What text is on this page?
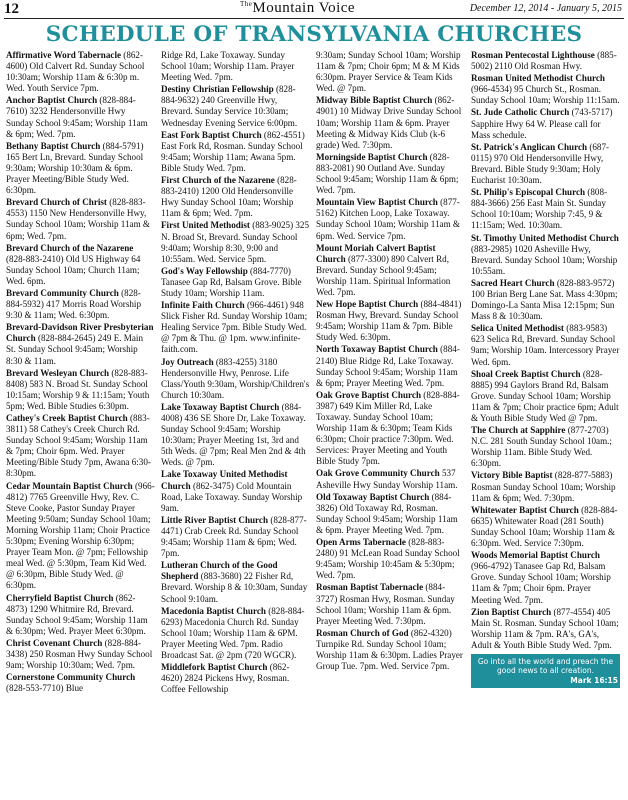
12	$^{The}$Mountain Voice	December 12, 2014 - January 5, 2015
SCHEDULE OF TRANSYLVANIA CHURCHES
Affirmative Word Tabernacle (862-4600) Old Calvert Rd. Sunday School 10:30am; Worship 11am & 6:30p m. Wed. Youth Service 7pm.
Anchor Baptist Church (828-884-7610) 3232 Hendersonville Hwy Sunday School 9:45am; Worship 11am & 6pm; Wed. 7pm.
Bethany Baptist Church (884-5791) 165 Bert Ln, Brevard. Sunday School 9:30am; Worship 10:30am & 6pm. Prayer Meeting/Bible Study Wed. 6:30pm.
Brevard Church of Christ (828-883-4553) 1150 New Hendersonville Hwy, Sunday School 10am; Worship 11am & 6pm; Wed. 7pm.
Brevard Church of the Nazarene (828-883-2410) Old US Highway 64 Sunday School 10am; Church 11am; Wed. 6pm.
Brevard Community Church (828-884-5932) 417 Morris Road Worship 9:30 & 11am; Wed. 6:30pm.
Brevard-Davidson River Presbyterian Church (828-884-2645) 249 E. Main St. Sunday School 9:45am; Worship 8:30 & 11am.
Brevard Wesleyan Church (828-883-8408) 583 N. Broad St. Sunday School 10:15am; Worship 9 & 11:15am; Youth 5pm; Wed. Bible Studies 6:30pm.
Cathey's Creek Baptist Church (883-3811) 58 Cathey's Creek Church Rd. Sunday School 9:45am; Worship 11am & 7pm; Choir 6pm. Wed. Prayer Meeting/Bible Study 7pm, Awana 6:30-8:30pm.
Cedar Mountain Baptist Church (966-4812) 7765 Greenville Hwy, Rev. C. Steve Cooke, Pastor Sunday Prayer Meeting 9:50am; Sunday School 10am; Morning Worship 11am; Choir Practice 5:30pm; Evening Worship 6:30pm; Prayer Team Mon. @ 7pm; Fellowship meal Wed. @ 5:30pm, Team Kid Wed. @ 6:30pm, Bible Study Wed. @ 6:30pm.
Cherryfield Baptist Church (862-4873) 1290 Whitmire Rd, Brevard. Sunday School 9:45am; Worship 11am & 6:30pm; Wed. Prayer Meet 6:30pm.
Christ Covenant Church (828-884-3438) 250 Rosman Hwy Sunday School 9am; Worship 10:30am; Wed. 7pm.
Cornerstone Community Church (828-553-7710) Blue
Ridge Rd, Lake Toxaway. Sunday School 10am; Worship 11am. Prayer Meeting Wed. 7pm.
Destiny Christian Fellowship (828-884-9632) 240 Greenville Hwy, Brevard. Sunday Service 10:30am; Wednesday Evening Service 6:00pm.
East Fork Baptist Church (862-4551) East Fork Rd, Rosman. Sunday School 9:45am; Worship 11am; Awana 5pm. Bible Study Wed. 7pm.
First Church of the Nazarene (828-883-2410) 1200 Old Hendersonville Hwy Sunday School 10am; Worship 11am & 6pm; Wed. 7pm.
First United Methodist (883-9025) 325 N. Broad St, Brevard. Sunday School 9:40am; Worship 8:30, 9:00 and 10:55am. Wed. Service 5pm.
God's Way Fellowship (884-7770) Tanasee Gap Rd, Balsam Grove. Bible Study 10am; Worship 11am.
Infinite Faith Church (966-4461) 948 Slick Fisher Rd. Sunday Worship 10am; Healing Service 7pm. Bible Study Wed. @ 7pm & Thu. @ 1pm. www.infinite-faith.com.
Joy Outreach (883-4255) 3180 Hendersonville Hwy, Penrose. Life Class/Youth 9:30am, Worship/Children's Church 10:30am.
Lake Toxaway Baptist Church (884-4008) 436 SE Shore Dr, Lake Toxaway. Sunday School 9:45am; Worship 10:30am; Prayer Meeting 1st, 3rd and 5th Weds. @ 7pm; Real Men 2nd & 4th Weds. @ 7pm.
Lake Toxaway United Methodist Church (862-3475) Cold Mountain Road, Lake Toxaway. Sunday Worship 9am.
Little River Baptist Church (828-877-4471) Crab Creek Rd. Sunday School 9:45am; Worship 11am & 6pm; Wed. 7pm.
Lutheran Church of the Good Shepherd (883-3680) 22 Fisher Rd, Brevard. Worship 8 & 10:30am, Sunday School 9:10am.
Macedonia Baptist Church (828-884-6293) Macedonia Church Rd. Sunday School 10am; Worship 11am & 6PM. Prayer Meeting Wed. 7pm. Radio Broadcast Sat. @ 2pm (720 WGCR).
Middlefork Baptist Church (862-4620) 2824 Pickens Hwy, Rosman. Coffee Fellowship
9:30am; Sunday School 10am; Worship 11am & 7pm; Choir 6pm; M & M Kids 6:30pm. Prayer Service & Team Kids Wed. @ 7pm.
Midway Bible Baptist Church (862-4901) 10 Midway Drive Sunday School 10am; Worship 11am & 6pm. Prayer Meeting & Midway Kids Club (k-6 grade) Wed. 7:30pm.
Morningside Baptist Church (828-883-2081) 90 Outland Ave. Sunday School 9:45am; Worship 11am & 6pm; Wed. 7pm.
Mountain View Baptist Church (877-5162) Kitchen Loop, Lake Toxaway. Sunday School 10am; Worship 11am & 6pm. Wed. Service 7pm.
Mount Moriah Calvert Baptist Church (877-3300) 890 Calvert Rd, Brevard. Sunday School 9:45am; Worship 11am. Spiritual Information Wed. 7pm.
New Hope Baptist Church (884-4841) Rosman Hwy, Brevard. Sunday School 9:45am; Worship 11am & 7pm. Bible Study Wed. 6:30pm.
North Toxaway Baptist Church (884-2140) Blue Ridge Rd, Lake Toxaway. Sunday School 9:45am; Worship 11am & 6pm; Prayer Meeting Wed. 7pm.
Oak Grove Baptist Church (828-884-3987) 649 Kim Miller Rd, Lake Toxaway. Sunday School 10am; Worship 11am & 6:30pm; Team Kids 6:30pm; Choir practice 7:30pm. Wed. Services: Prayer Meeting and Youth Bible Study 7pm.
Oak Grove Community Church 537 Asheville Hwy Sunday Worship 11am.
Old Toxaway Baptist Church (884-3826) Old Toxaway Rd, Rosman. Sunday School 9:45am; Worship 11am & 6pm. Prayer Meeting Wed. 7pm.
Open Arms Tabernacle (828-883-2480) 91 McLean Road Sunday School 9:45am; Worship 10:45am & 5:30pm; Wed. 7pm.
Rosman Baptist Tabernacle (884-3727) Rosman Hwy, Rosman. Sunday School 10am; Worship 11am & 6pm. Prayer Meeting Wed. 7:30pm.
Rosman Church of God (862-4320) Turnpike Rd. Sunday School 10am; Worship 11am & 6:30pm. Ladies Prayer Group Tue. 7pm. Wed. Service 7pm.
Rosman Pentecostal Lighthouse (885-5002) 2110 Old Rosman Hwy.
Rosman United Methodist Church (966-4534) 95 Church St., Rosman. Sunday School 10am; Worship 11:15am.
St. Jude Catholic Church (743-5717) Sapphire Hwy 64 W. Please call for Mass schedule.
St. Patrick's Anglican Church (687-0115) 970 Old Hendersonville Hwy, Brevard. Bible Study 9:30am; Holy Eucharist 10:30am.
St. Philip's Episcopal Church (808-884-3666) 256 East Main St. Sunday School 10:10am; Worship 7:45, 9 & 11:15am; Wed. 10:30am.
St. Timothy United Methodist Church (883-2985) 1020 Asheville Hwy, Brevard. Sunday School 10am; Worship 10:55am.
Sacred Heart Church (828-883-9572) 100 Brian Berg Lane Sat. Mass 4:30pm; Domingo-La Santa Misa 12:15pm; Sun Mass 8 & 10:30am.
Selica United Methodist (883-9583) 623 Selica Rd, Brevard. Sunday School 9am; Worship 10am. Intercessory Prayer Wed. 6pm.
Shoal Creek Baptist Church (828-8885) 994 Gaylors Brand Rd, Balsam Grove. Sunday School 10am; Worship 11am & 7pm; Choir practice 6pm; Adult & Youth Bible Study Wed @ 7pm.
The Church at Sapphire (877-2703) N.C. 281 South Sunday School 10am.; Worship 11am. Bible Study Wed. 6:30pm.
Victory Bible Baptist (828-877-5883) Rosman Sunday School 10am; Worship 11am & 6pm; Wed. 7:30pm.
Whitewater Baptist Church (828-884-6635) Whitewater Road (281 South) Sunday School 10am; Worship 11am & 6:30pm. Wed. Service 7:30pm.
Woods Memorial Baptist Church (966-4792) Tanasee Gap Rd, Balsam Grove. Sunday School 10am; Worship 11am & 7pm; Choir 6pm. Prayer Meeting Wed. 7pm.
Zion Baptist Church (877-4554) 405 Main St. Rosman. Sunday School 10am; Worship 11am & 7pm. RA's, GA's, Adult & Youth Bible Study Wed. 7pm.
Go into all the world and preach the good news to all creation.
Mark 16:15
